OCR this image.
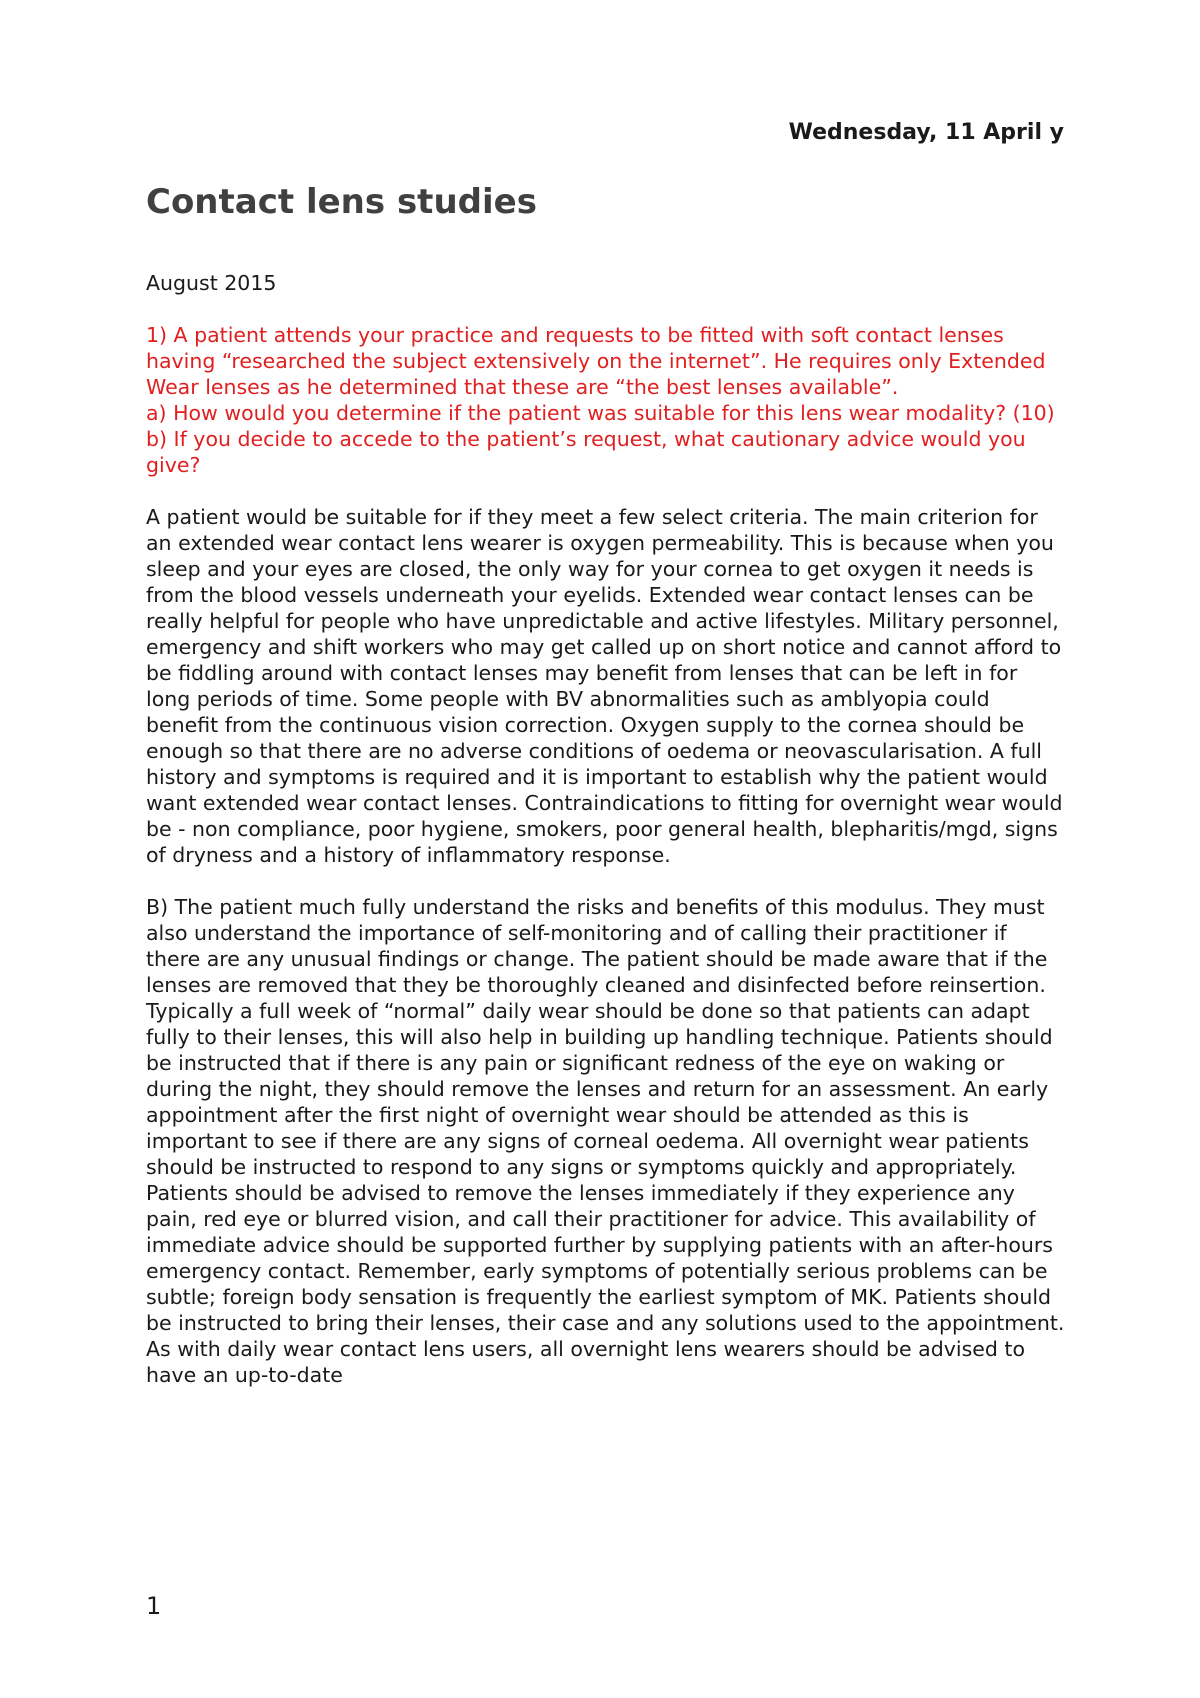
Wednesday, 11 April y
Contact lens studies

August 2015

1) A patient attends your practice and requests to be fitted with soft contact lenses having “researched the subject extensively on the internet”. He requires only Extended Wear lenses as he determined that these are “the best lenses available”.

a) How would you determine if the patient was suitable for this lens wear modality? (10)

b) If you decide to accede to the patient’s request, what cautionary advice would you give?

A patient would be suitable for if they meet a few select criteria. The main criterion for an extended wear contact lens wearer is oxygen permeability. This is because when you sleep and your eyes are closed, the only way for your cornea to get oxygen it needs is from the blood vessels underneath your eyelids. Extended wear contact lenses can be really helpful for people who have unpredictable and active lifestyles. Military personnel, emergency and shift workers who may get called up on short notice and cannot afford to be fiddling around with contact lenses may benefit from lenses that can be left in for long periods of time. Some people with BV abnormalities such as amblyopia could benefit from the continuous vision correction. Oxygen supply to the cornea should be enough so that there are no adverse conditions of oedema or neovascularisation. A full history and symptoms is required and it is important to establish why the patient would want extended wear contact lenses. Contraindications to fitting for overnight wear would be - non compliance, poor hygiene, smokers, poor general health, blepharitis/mgd, signs of dryness and a history of inflammatory response.

B) The patient much fully understand the risks and benefits of this modulus. They must also understand the importance of self-monitoring and of calling their practitioner if there are any unusual findings or change. The patient should be made aware that if the lenses are removed that they be thoroughly cleaned and disinfected before reinsertion. Typically a full week of “normal” daily wear should be done so that patients can adapt fully to their lenses, this will also help in building up handling technique. Patients should be instructed that if there is any pain or significant redness of the eye on waking or during the night, they should remove the lenses and return for an assessment. An early appointment after the first night of overnight wear should be attended as this is important to see if there are any signs of corneal oedema. All overnight wear patients should be instructed to respond to any signs or symptoms quickly and appropriately. Patients should be advised to remove the lenses immediately if they experience any pain, red eye or blurred vision, and call their practitioner for advice. This availability of immediate advice should be supported further by supplying patients with an after-hours emergency contact. Remember, early symptoms of potentially serious problems can be subtle; foreign body sensation is frequently the earliest symptom of MK. Patients should be instructed to bring their lenses, their case and any solutions used to the appointment. As with daily wear contact lens users, all overnight lens wearers should be advised to have an up-to-date

1
